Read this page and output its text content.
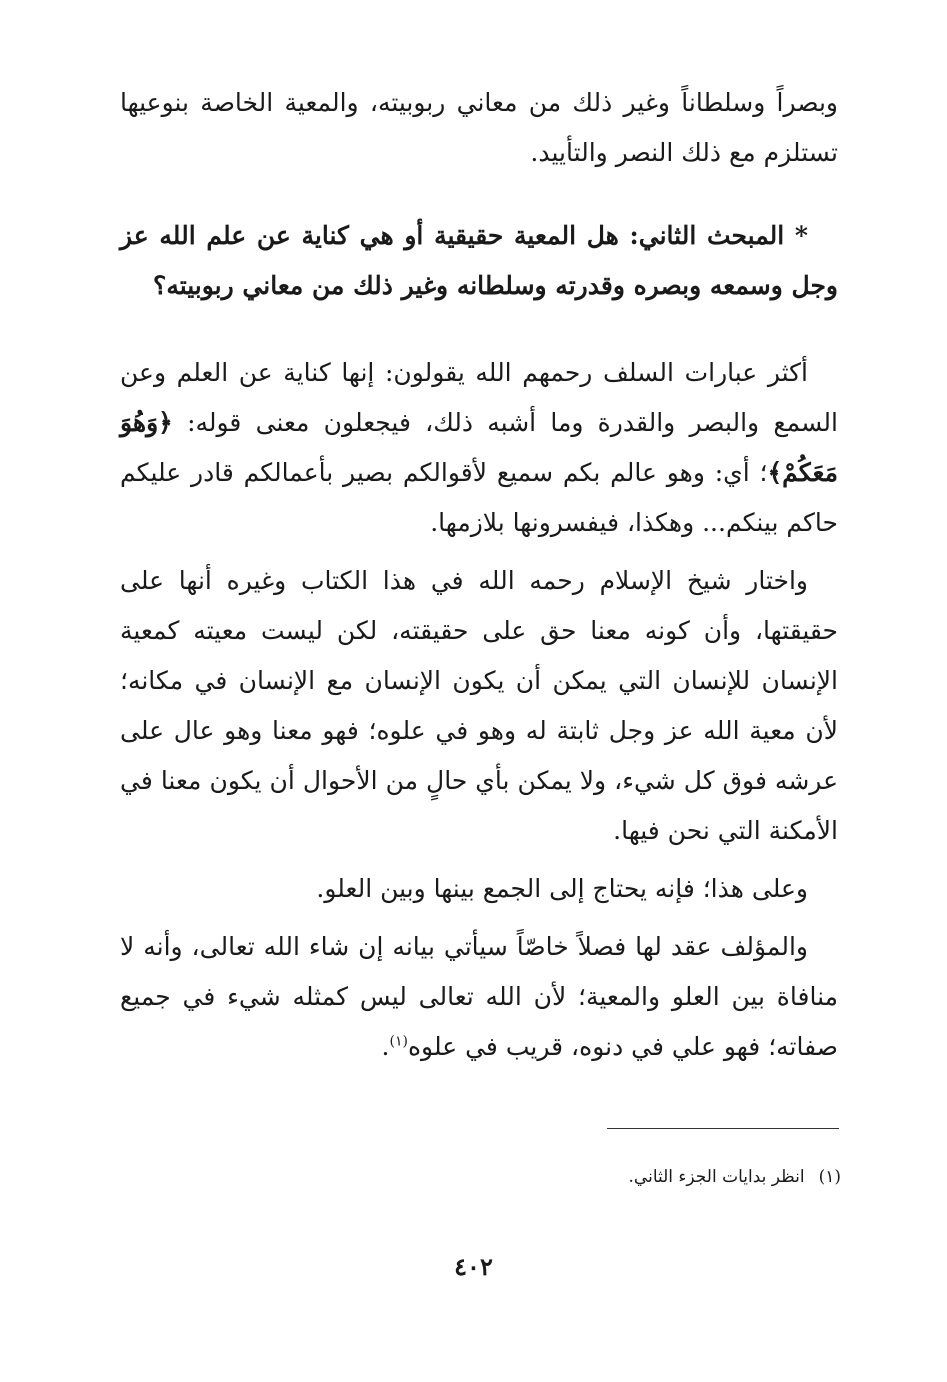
وبصراً وسلطاناً وغير ذلك من معاني ربوبيته، والمعية الخاصة بنوعيها تستلزم مع ذلك النصر والتأييد.

* المبحث الثاني: هل المعية حقيقية أو هي كناية عن علم الله عز وجل وسمعه وبصره وقدرته وسلطانه وغير ذلك من معاني ربوبيته؟

أكثر عبارات السلف رحمهم الله يقولون: إنها كناية عن العلم وعن السمع والبصر والقدرة وما أشبه ذلك، فيجعلون معنى قوله: ﴿وَهُوَ مَعَكُمْ﴾؛ أي: وهو عالم بكم سميع لأقوالكم بصير بأعمالكم قادر عليكم حاكم بينكم... وهكذا، فيفسرونها بلازمها.

واختار شيخ الإسلام رحمه الله في هذا الكتاب وغيره أنها على حقيقتها، وأن كونه معنا حق على حقيقته، لكن ليست معيته كمعية الإنسان للإنسان التي يمكن أن يكون الإنسان مع الإنسان في مكانه؛ لأن معية الله عز وجل ثابتة له وهو في علوه؛ فهو معنا وهو عال على عرشه فوق كل شيء، ولا يمكن بأي حالٍ من الأحوال أن يكون معنا في الأمكنة التي نحن فيها.

وعلى هذا؛ فإنه يحتاج إلى الجمع بينها وبين العلو.

والمؤلف عقد لها فصلاً خاصّاً سيأتي بيانه إن شاء الله تعالى، وأنه لا منافاة بين العلو والمعية؛ لأن الله تعالى ليس كمثله شيء في جميع صفاته؛ فهو علي في دنوه، قريب في علوه$^{(١)}$.

(١)انظر بدايات الجزء الثاني.
٤٠٢
